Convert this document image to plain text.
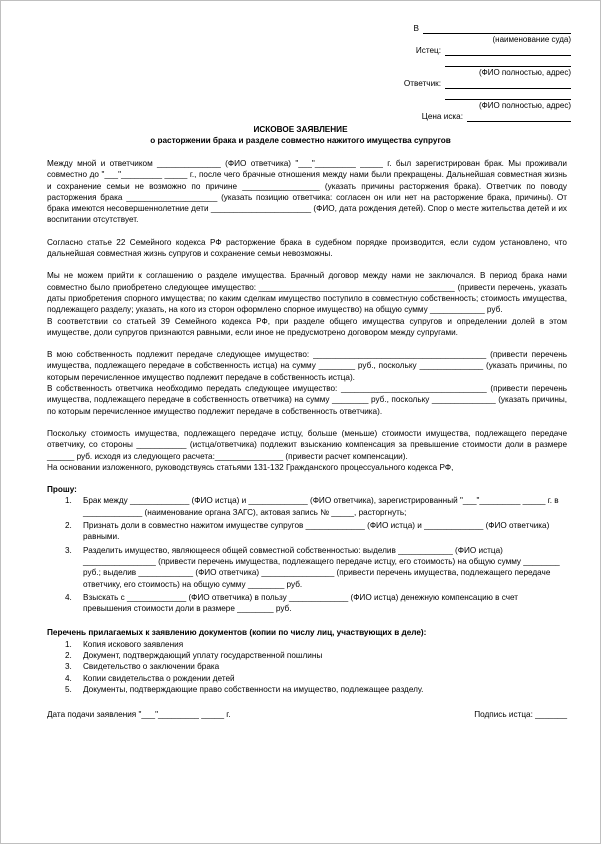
В
(наименование суда)
Истец:
(ФИО полностью, адрес)
Ответчик:
(ФИО полностью, адрес)
Цена иска:
ИСКОВОЕ ЗАЯВЛЕНИЕ
о расторжении брака и разделе совместно нажитого имущества супругов

Между мной и ответчиком ______________ (ФИО ответчика) "___"_________ _____ г. был зарегистрирован брак. Мы проживали совместно до "___"_________ _____ г., после чего брачные отношения между нами были прекращены. Дальнейшая совместная жизнь и сохранение семьи не возможно по причине _________________ (указать причины расторжения брака). Ответчик по поводу расторжения брака ____________________ (указать позицию ответчика: согласен он или нет на расторжение брака, причины). От брака имеются несовершеннолетние дети ______________________ (ФИО, дата рождения детей). Спор о месте жительства детей и их воспитании отсутствует.

Согласно статье 22 Семейного кодекса РФ расторжение брака в судебном порядке производится, если судом установлено, что дальнейшая совместная жизнь супругов и сохранение семьи невозможны.

Мы не можем прийти к соглашению о разделе имущества. Брачный договор между нами не заключался. В период брака нами совместно было приобретено следующее имущество: ___________________________________________ (привести перечень, указать даты приобретения спорного имущества; по каким сделкам имущество поступило в совместную собственность; стоимость имущества, подлежащего разделу; указать, на кого из сторон оформлено спорное имущество) на общую сумму ____________ руб.

В соответствии со статьей 39 Семейного кодекса РФ, при разделе общего имущества супругов и определении долей в этом имуществе, доли супругов признаются равными, если иное не предусмотрено договором между супругами.

В мою собственность подлежит передаче следующее имущество: ______________________________________ (привести перечень имущества, подлежащего передаче в собственность истца) на сумму ________ руб., поскольку ______________ (указать причины, по которым перечисленное имущество подлежит передаче в собственность истца).

В собственность ответчика необходимо передать следующее имущество: ________________________________ (привести перечень имущества, подлежащего передаче в собственность ответчика) на сумму ________ руб., поскольку ______________ (указать причины, по которым перечисленное имущество подлежит передаче в собственность ответчика).

Поскольку стоимость имущества, подлежащего передаче истцу, больше (меньше) стоимости имущества, подлежащего передаче ответчику, со стороны ___________ (истца/ответчика) подлежит взысканию компенсация за превышение стоимости доли в размере ______ руб. исходя из следующего расчета:_______________ (привести расчет компенсации).

На основании изложенного, руководствуясь статьями 131-132 Гражданского процессуального кодекса РФ,

Прошу:

1. Брак между _____________ (ФИО истца) и _____________ (ФИО ответчика), зарегистрированный "___"_________ _____ г. в _____________ (наименование органа ЗАГС), актовая запись № _____, расторгнуть;
2. Признать доли в совместно нажитом имуществе супругов _____________ (ФИО истца) и _____________ (ФИО ответчика) равными.
3. Разделить имущество, являющееся общей совместной собственностью: выделив ____________ (ФИО истца) ________________ (привести перечень имущества, подлежащего передаче истцу, его стоимость) на общую сумму ________ руб.; выделив ____________ (ФИО ответчика) ________________ (привести перечень имущества, подлежащего передаче ответчику, его стоимость) на общую сумму ________ руб.
4. Взыскать с _____________ (ФИО ответчика) в пользу _____________ (ФИО истца) денежную компенсацию в счет превышения стоимости доли в размере ________ руб.

Перечень прилагаемых к заявлению документов (копии по числу лиц, участвующих в деле):

1. Копия искового заявления
2. Документ, подтверждающий уплату государственной пошлины
3. Свидетельство о заключении брака
4. Копии свидетельства о рождении детей
5. Документы, подтверждающие право собственности на имущество, подлежащее разделу.
Дата подачи заявления "___"_________ _____ г.	Подпись истца: _______
